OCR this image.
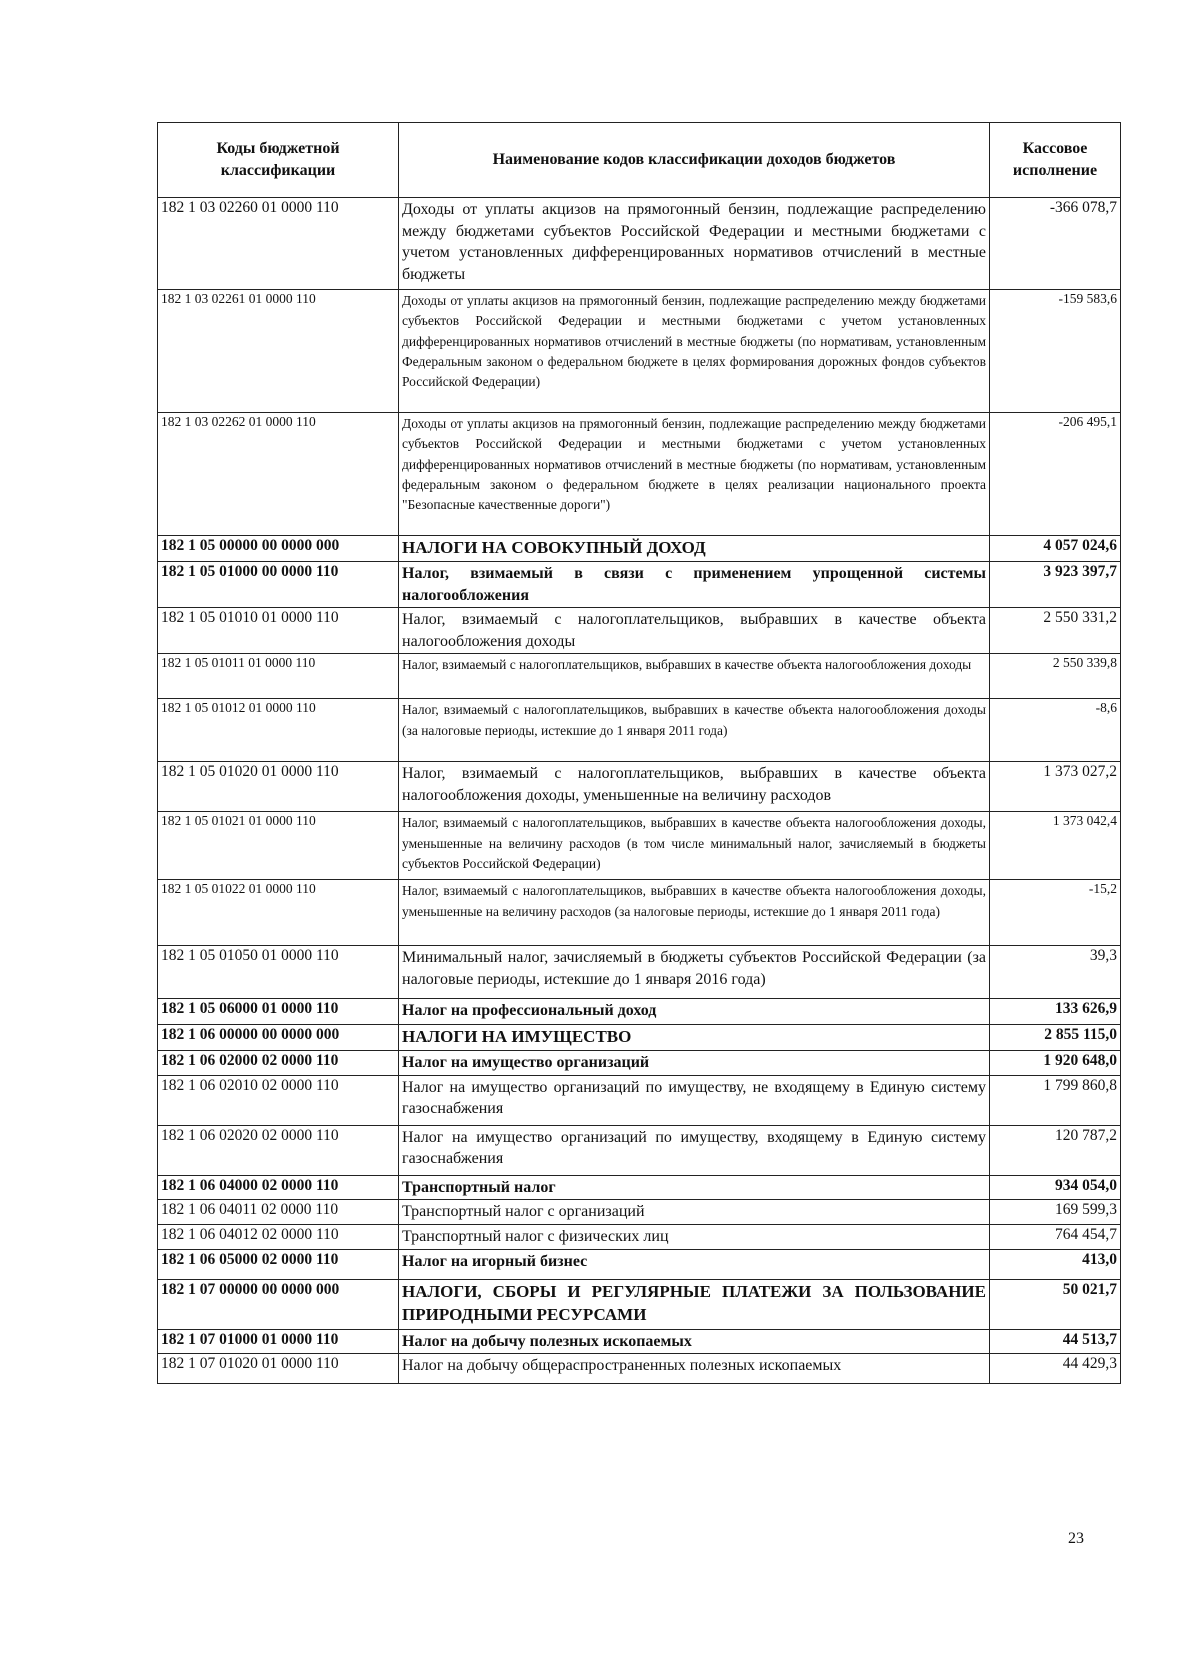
Коды бюджетной классификации	Наименование кодов классификации доходов бюджетов	Кассовое исполнение
182 1 03 02260 01 0000 110	Доходы от уплаты акцизов на прямогонный бензин, подлежащие распределению между бюджетами субъектов Российской Федерации и местными бюджетами с учетом установленных дифференцированных нормативов отчислений в местные бюджеты	-366 078,7
182 1 03 02261 01 0000 110	Доходы от уплаты акцизов на прямогонный бензин, подлежащие распределению между бюджетами субъектов Российской Федерации и местными бюджетами с учетом установленных дифференцированных нормативов отчислений в местные бюджеты (по нормативам, установленным Федеральным законом о федеральном бюджете в целях формирования дорожных фондов субъектов Российской Федерации)	-159 583,6
182 1 03 02262 01 0000 110	Доходы от уплаты акцизов на прямогонный бензин, подлежащие распределению между бюджетами субъектов Российской Федерации и местными бюджетами с учетом установленных дифференцированных нормативов отчислений в местные бюджеты (по нормативам, установленным федеральным законом о федеральном бюджете в целях реализации национального проекта "Безопасные качественные дороги")	-206 495,1
182 1 05 00000 00 0000 000	НАЛОГИ НА СОВОКУПНЫЙ ДОХОД	4 057 024,6
182 1 05 01000 00 0000 110	Налог, взимаемый в связи с применением упрощенной системы налогообложения	3 923 397,7
182 1 05 01010 01 0000 110	Налог, взимаемый с налогоплательщиков, выбравших в качестве объекта налогообложения доходы	2 550 331,2
182 1 05 01011 01 0000 110	Налог, взимаемый с налогоплательщиков, выбравших в качестве объекта налогообложения доходы	2 550 339,8
182 1 05 01012 01 0000 110	Налог, взимаемый с налогоплательщиков, выбравших в качестве объекта налогообложения доходы (за налоговые периоды, истекшие до 1 января 2011 года)	-8,6
182 1 05 01020 01 0000 110	Налог, взимаемый с налогоплательщиков, выбравших в качестве объекта налогообложения доходы, уменьшенные на величину расходов	1 373 027,2
182 1 05 01021 01 0000 110	Налог, взимаемый с налогоплательщиков, выбравших в качестве объекта налогообложения доходы, уменьшенные на величину расходов (в том числе минимальный налог, зачисляемый в бюджеты субъектов Российской Федерации)	1 373 042,4
182 1 05 01022 01 0000 110	Налог, взимаемый с налогоплательщиков, выбравших в качестве объекта налогообложения доходы, уменьшенные на величину расходов (за налоговые периоды, истекшие до 1 января 2011 года)	-15,2
182 1 05 01050 01 0000 110	Минимальный налог, зачисляемый в бюджеты субъектов Российской Федерации (за налоговые периоды, истекшие до 1 января 2016 года)	39,3
182 1 05 06000 01 0000 110	Налог на профессиональный доход	133 626,9
182 1 06 00000 00 0000 000	НАЛОГИ НА ИМУЩЕСТВО	2 855 115,0
182 1 06 02000 02 0000 110	Налог на имущество организаций	1 920 648,0
182 1 06 02010 02 0000 110	Налог на имущество организаций по имуществу, не входящему в Единую систему газоснабжения	1 799 860,8
182 1 06 02020 02 0000 110	Налог на имущество организаций по имуществу, входящему в Единую систему газоснабжения	120 787,2
182 1 06 04000 02 0000 110	Транспортный налог	934 054,0
182 1 06 04011 02 0000 110	Транспортный налог с организаций	169 599,3
182 1 06 04012 02 0000 110	Транспортный налог с физических лиц	764 454,7
182 1 06 05000 02 0000 110	Налог на игорный бизнес	413,0
182 1 07 00000 00 0000 000	НАЛОГИ, СБОРЫ И РЕГУЛЯРНЫЕ ПЛАТЕЖИ ЗА ПОЛЬЗОВАНИЕ ПРИРОДНЫМИ РЕСУРСАМИ	50 021,7
182 1 07 01000 01 0000 110	Налог на добычу полезных ископаемых	44 513,7
182 1 07 01020 01 0000 110	Налог на добычу общераспространенных полезных ископаемых	44 429,3
23
